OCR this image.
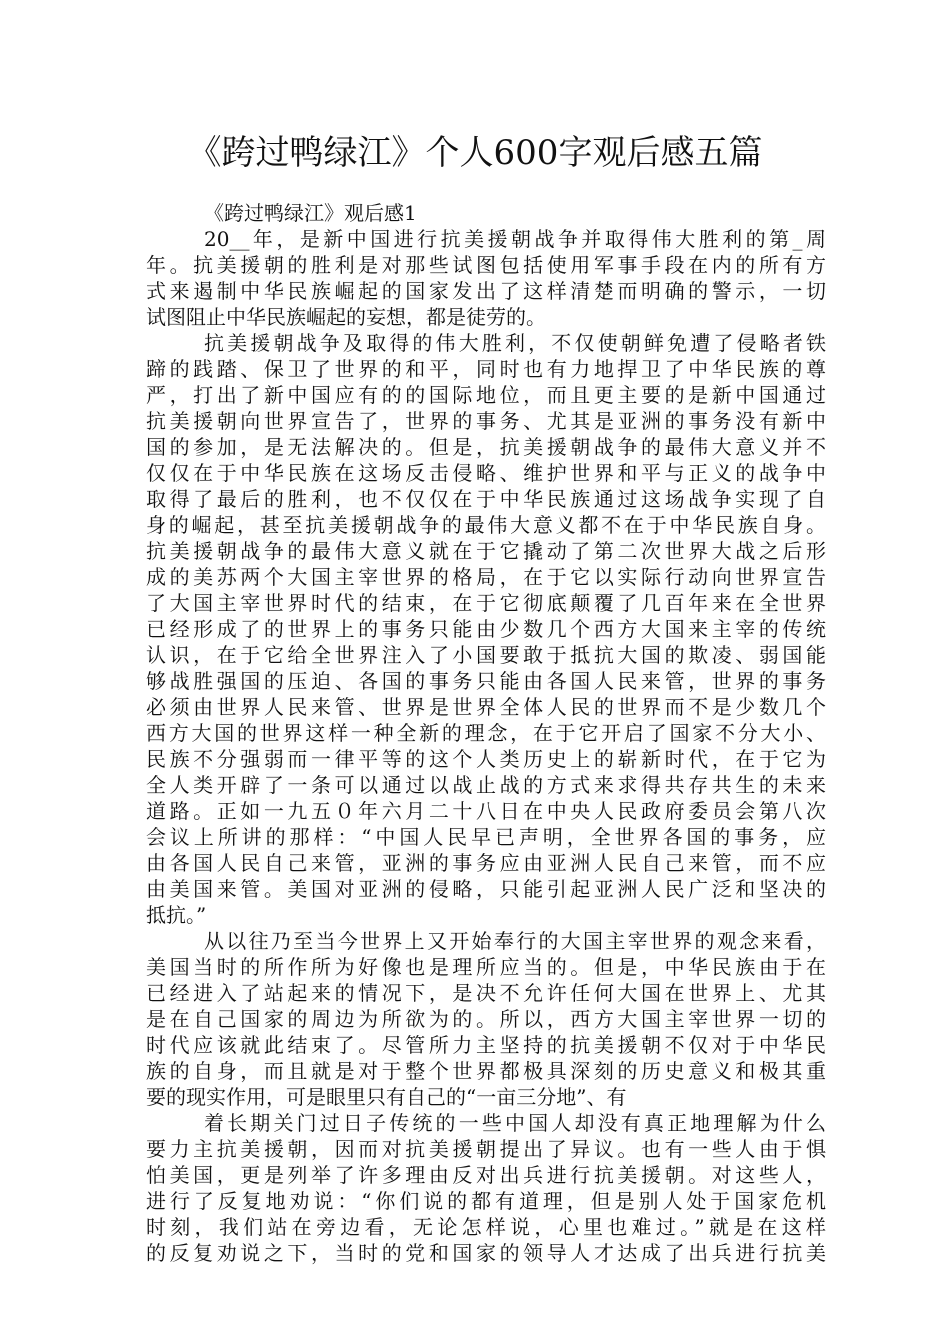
《跨过鸭绿江》个人600字观后感五篇
《跨过鸭绿江》观后感1
20__年，是新中国进行抗美援朝战争并取得伟大胜利的第_周
年。抗美援朝的胜利是对那些试图包括使用军事手段在内的所有方
式来遏制中华民族崛起的国家发出了这样清楚而明确的警示，一切
试图阻止中华民族崛起的妄想，都是徒劳的。
抗美援朝战争及取得的伟大胜利，不仅使朝鲜免遭了侵略者铁
蹄的践踏、保卫了世界的和平，同时也有力地捍卫了中华民族的尊
严，打出了新中国应有的的国际地位，而且更主要的是新中国通过
抗美援朝向世界宣告了，世界的事务、尤其是亚洲的事务没有新中
国的参加，是无法解决的。但是，抗美援朝战争的最伟大意义并不
仅仅在于中华民族在这场反击侵略、维护世界和平与正义的战争中
取得了最后的胜利，也不仅仅在于中华民族通过这场战争实现了自
身的崛起，甚至抗美援朝战争的最伟大意义都不在于中华民族自身。
抗美援朝战争的最伟大意义就在于它撬动了第二次世界大战之后形
成的美苏两个大国主宰世界的格局，在于它以实际行动向世界宣告
了大国主宰世界时代的结束，在于它彻底颠覆了几百年来在全世界
已经形成了的世界上的事务只能由少数几个西方大国来主宰的传统
认识，在于它给全世界注入了小国要敢于抵抗大国的欺凌、弱国能
够战胜强国的压迫、各国的事务只能由各国人民来管，世界的事务
必须由世界人民来管、世界是世界全体人民的世界而不是少数几个
西方大国的世界这样一种全新的理念，在于它开启了国家不分大小、
民族不分强弱而一律平等的这个人类历史上的崭新时代，在于它为
全人类开辟了一条可以通过以战止战的方式来求得共存共生的未来
道路。正如一九五０年六月二十八日在中央人民政府委员会第八次
会议上所讲的那样：“中国人民早已声明，全世界各国的事务，应
由各国人民自己来管，亚洲的事务应由亚洲人民自己来管，而不应
由美国来管。美国对亚洲的侵略，只能引起亚洲人民广泛和坚决的
抵抗。”
从以往乃至当今世界上又开始奉行的大国主宰世界的观念来看，
美国当时的所作所为好像也是理所应当的。但是，中华民族由于在
已经进入了站起来的情况下，是决不允许任何大国在世界上、尤其
是在自己国家的周边为所欲为的。所以，西方大国主宰世界一切的
时代应该就此结束了。尽管所力主坚持的抗美援朝不仅对于中华民
族的自身，而且就是对于整个世界都极具深刻的历史意义和极其重
要的现实作用，可是眼里只有自己的“一亩三分地”、有
着长期关门过日子传统的一些中国人却没有真正地理解为什么
要力主抗美援朝，因而对抗美援朝提出了异议。也有一些人由于惧
怕美国，更是列举了许多理由反对出兵进行抗美援朝。对这些人，
进行了反复地劝说：“你们说的都有道理，但是别人处于国家危机
时刻，我们站在旁边看，无论怎样说，心里也难过。”就是在这样
的反复劝说之下，当时的党和国家的领导人才达成了出兵进行抗美
